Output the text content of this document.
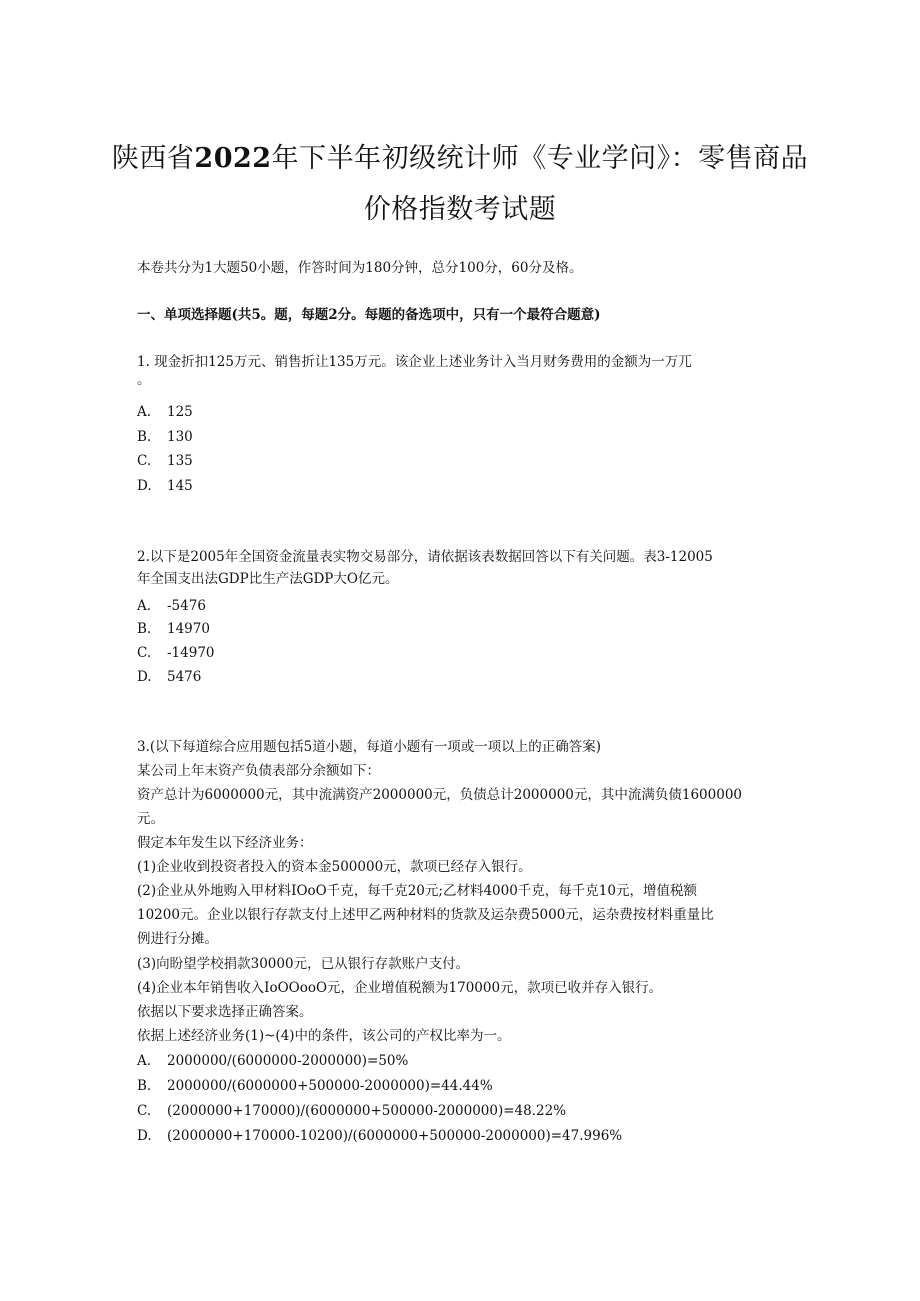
陕西省2022年下半年初级统计师《专业学问》：零售商品
价格指数考试题
本卷共分为1大题50小题，作答时间为180分钟，总分100分，60分及格。
一、单项选择题(共5。题，每题2分。每题的备选项中，只有一个最符合题意)
1. 现金折扣125万元、销售折让135万元。该企业上述业务计入当月财务费用的金额为一万兀
。
A. 125
B. 130
C. 135
D. 145
2.以下是2005年全国资金流量表实物交易部分，请依据该表数据回答以下有关问题。表3-12005
年全国支出法GDP比生产法GDP大O亿元。
A. -5476
B. 14970
C. -14970
D. 5476
3.(以下每道综合应用题包括5道小题，每道小题有一项或一项以上的正确答案)
某公司上年末资产负债表部分余额如下：
资产总计为6000000元，其中流满资产2000000元，负债总计2000000元，其中流满负债1600000
元。
假定本年发生以下经济业务：
(1)企业收到投资者投入的资本金500000元，款项已经存入银行。
(2)企业从外地购入甲材料IOoO千克，每千克20元;乙材料4000千克，每千克10元，增值税额
10200元。企业以银行存款支付上述甲乙两种材料的货款及运杂费5000元，运杂费按材料重量比
例进行分摊。
(3)向盼望学校捐款30000元，已从银行存款账户支付。
(4)企业本年销售收入IoOOooO元，企业增值税额为170000元，款项已收并存入银行。
依据以下要求选择正确答案。
依据上述经济业务(1)~(4)中的条件，该公司的产权比率为一。
A. 2000000/(6000000-2000000)=50%
B. 2000000/(6000000+500000-2000000)=44.44%
C. (2000000+170000)/(6000000+500000-2000000)=48.22%
D. (2000000+170000-10200)/(6000000+500000-2000000)=47.996%
